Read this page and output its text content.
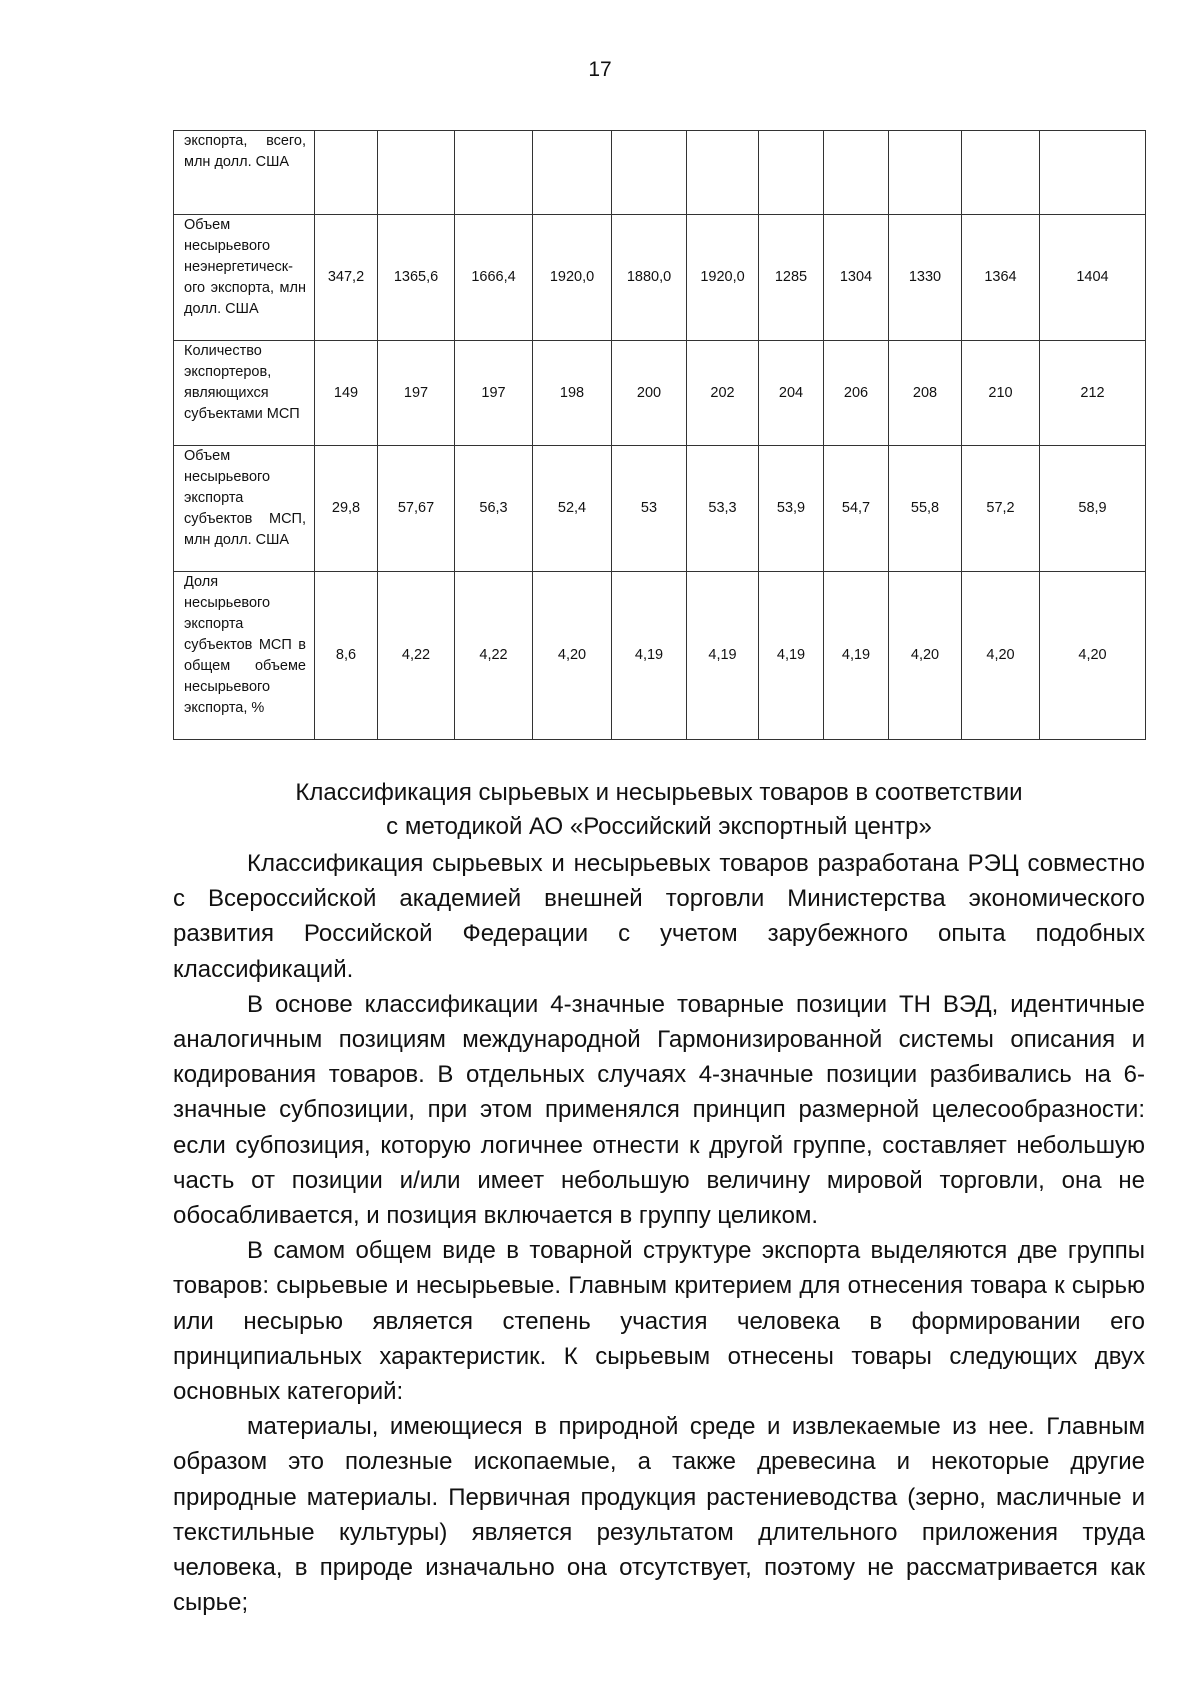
17
экспорта, всего, млн долл. США											
Объем несырьевого неэнергетическ-ого экспорта, млн долл. США	347,2	1365,6	1666,4	1920,0	1880,0	1920,0	1285	1304	1330	1364	1404
Количество экспортеров, являющихся субъектами МСП	149	197	197	198	200	202	204	206	208	210	212
Объем несырьевого экспорта субъектов МСП, млн долл. США	29,8	57,67	56,3	52,4	53	53,3	53,9	54,7	55,8	57,2	58,9
Доля несырьевого экспорта субъектов МСП в общем объеме несырьевого экспорта, %	8,6	4,22	4,22	4,20	4,19	4,19	4,19	4,19	4,20	4,20	4,20
Классификация сырьевых и несырьевых товаров в соответствии
с методикой АО «Российский экспортный центр»

Классификация сырьевых и несырьевых товаров разработана РЭЦ совместно с Всероссийской академией внешней торговли Министерства экономического развития Российской Федерации с учетом зарубежного опыта подобных классификаций.

В основе классификации 4-значные товарные позиции ТН ВЭД, идентичные аналогичным позициям международной Гармонизированной системы описания и кодирования товаров. В отдельных случаях 4-значные позиции разбивались на 6-значные субпозиции, при этом применялся принцип размерной целесообразности: если субпозиция, которую логичнее отнести к другой группе, составляет небольшую часть от позиции и/или имеет небольшую величину мировой торговли, она не обосабливается, и позиция включается в группу целиком.

В самом общем виде в товарной структуре экспорта выделяются две группы товаров: сырьевые и несырьевые. Главным критерием для отнесения товара к сырью или несырью является степень участия человека в формировании его принципиальных характеристик. К сырьевым отнесены товары следующих двух основных категорий:

материалы, имеющиеся в природной среде и извлекаемые из нее. Главным образом это полезные ископаемые, а также древесина и некоторые другие природные материалы. Первичная продукция растениеводства (зерно, масличные и текстильные культуры) является результатом длительного приложения труда человека, в природе изначально она отсутствует, поэтому не рассматривается как сырье;
